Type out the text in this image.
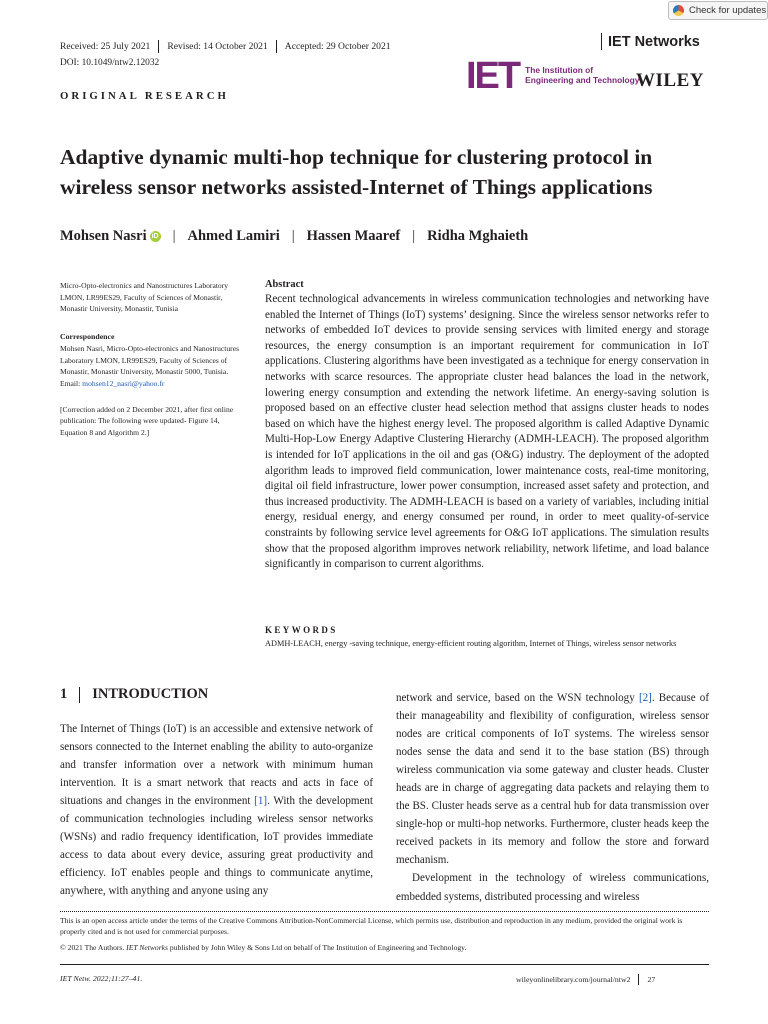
Check for updates
Received: 25 July 2021 Revised: 14 October 2021 Accepted: 29 October 2021	IET Networks
DOI: 10.1049/ntw2.12032	IET The Institution of
Engineering and Technology
WILEY
ORIGINAL RESEARCH
Adaptive dynamic multi-hop technique for clustering protocol in wireless sensor networks assisted-Internet of Things applications
Mohsen Nasri iD | Ahmed Lamiri | Hassen Maaref | Ridha Mghaieth
Micro-Opto-electronics and Nanostructures Laboratory LMON, LR99ES29, Faculty of Sciences of Monastir, Monastir University, Monastir, Tunisia
Correspondence
Mohsen Nasri, Micro-Opto-electronics and Nanostructures Laboratory LMON, LR99ES29, Faculty of Sciences of Monastir, Monastir University, Monastir 5000, Tunisia.
Email: mohsen12_nasri@yahoo.fr
[Correction added on 2 December 2021, after first online publication: The following were updated- Figure 14, Equation 8 and Algorithm 2.]
Abstract
Recent technological advancements in wireless communication technologies and networking have enabled the Internet of Things (IoT) systems’ designing. Since the wireless sensor networks refer to networks of embedded IoT devices to provide sensing services with limited energy and storage resources, the energy consumption is an important requirement for communication in IoT applications. Clustering algorithms have been investigated as a technique for energy conservation in networks with scarce resources. The appropriate cluster head balances the load in the network, lowering energy consumption and extending the network lifetime. An energy-saving solution is proposed based on an effective cluster head selection method that assigns cluster heads to nodes based on which have the highest energy level. The proposed algorithm is called Adaptive Dynamic Multi-Hop-Low Energy Adaptive Clustering Hierarchy (ADMH-LEACH). The proposed algorithm is intended for IoT applications in the oil and gas (O&G) industry. The deployment of the adopted algorithm leads to improved field communication, lower maintenance costs, real-time monitoring, digital oil field infrastructure, lower power consumption, increased asset safety and protection, and thus increased productivity. The ADMH-LEACH is based on a variety of variables, including initial energy, residual energy, and energy consumed per round, in order to meet quality-of-service constraints by following service level agreements for O&G IoT applications. The simulation results show that the proposed algorithm improves network reliability, network lifetime, and load balance significantly in comparison to current algorithms.
KEYWORDS
ADMH-LEACH, energy -saving technique, energy-efficient routing algorithm, Internet of Things, wireless sensor networks
1 INTRODUCTION

The Internet of Things (IoT) is an accessible and extensive network of sensors connected to the Internet enabling the ability to auto-organize and transfer information over a network with minimum human intervention. It is a smart network that reacts and acts in face of situations and changes in the environment [1]. With the development of communication technologies including wireless sensor networks (WSNs) and radio frequency identification, IoT provides immediate access to data about every device, assuring great productivity and efficiency. IoT enables people and things to communicate anytime, anywhere, with anything and anyone using any

network and service, based on the WSN technology [2]. Because of their manageability and flexibility of configuration, wireless sensor nodes are critical components of IoT systems. The wireless sensor nodes sense the data and send it to the base station (BS) through wireless communication via some gateway and cluster heads. Cluster heads are in charge of aggregating data packets and relaying them to the BS. Cluster heads serve as a central hub for data transmission over single-hop or multi-hop networks. Furthermore, cluster heads keep the received packets in its memory and follow the store and forward mechanism.

Development in the technology of wireless communications, embedded systems, distributed processing and wireless

This is an open access article under the terms of the Creative Commons Attribution-NonCommercial License, which permits use, distribution and reproduction in any medium, provided the original work is properly cited and is not used for commercial purposes.
© 2021 The Authors. IET Networks published by John Wiley & Sons Ltd on behalf of The Institution of Engineering and Technology.
IET Netw. 2022;11:27–41.	wileyonlinelibrary.com/journal/ntw2 27
